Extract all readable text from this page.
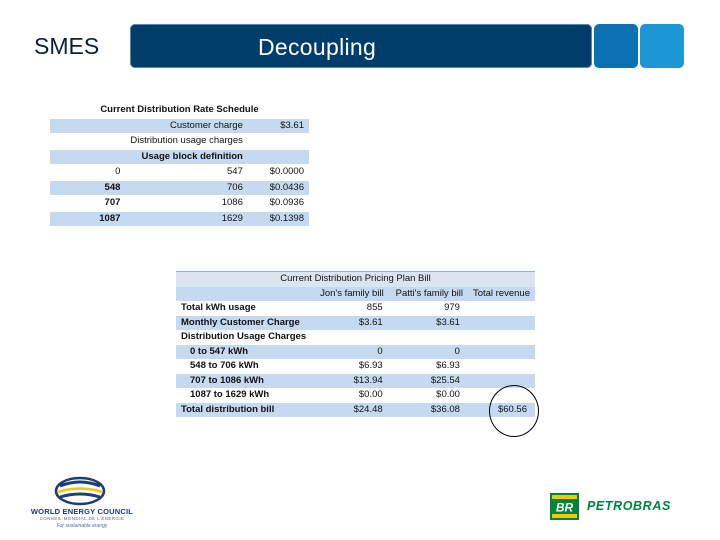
SMES	Decoupling
Current Distribution Rate Schedule		
	Customer charge	$3.61
	Distribution usage charges	
	Usage block definition	
0	547	$0.0000
548	706	$0.0436
707	1086	$0.0936
1087	1629	$0.1398
Current Distribution Pricing Plan Bill			
	Jon's family bill	Patti's family bill	Total revenue
Total kWh usage	855	979	
Monthly Customer Charge	$3.61	$3.61	
Distribution Usage Charges			
0 to 547 kWh	0	0	
548 to 706 kWh	$6.93	$6.93	
707 to 1086 kWh	$13.94	$25.54	
1087 to 1629 kWh	$0.00	$0.00	
Total distribution bill	$24.48	$36.08	$60.56
WORLD ENERGY COUNCIL
CONSEIL MONDIAL DE L'ÉNERGIE
For sustainable energy
BR PETROBRAS
